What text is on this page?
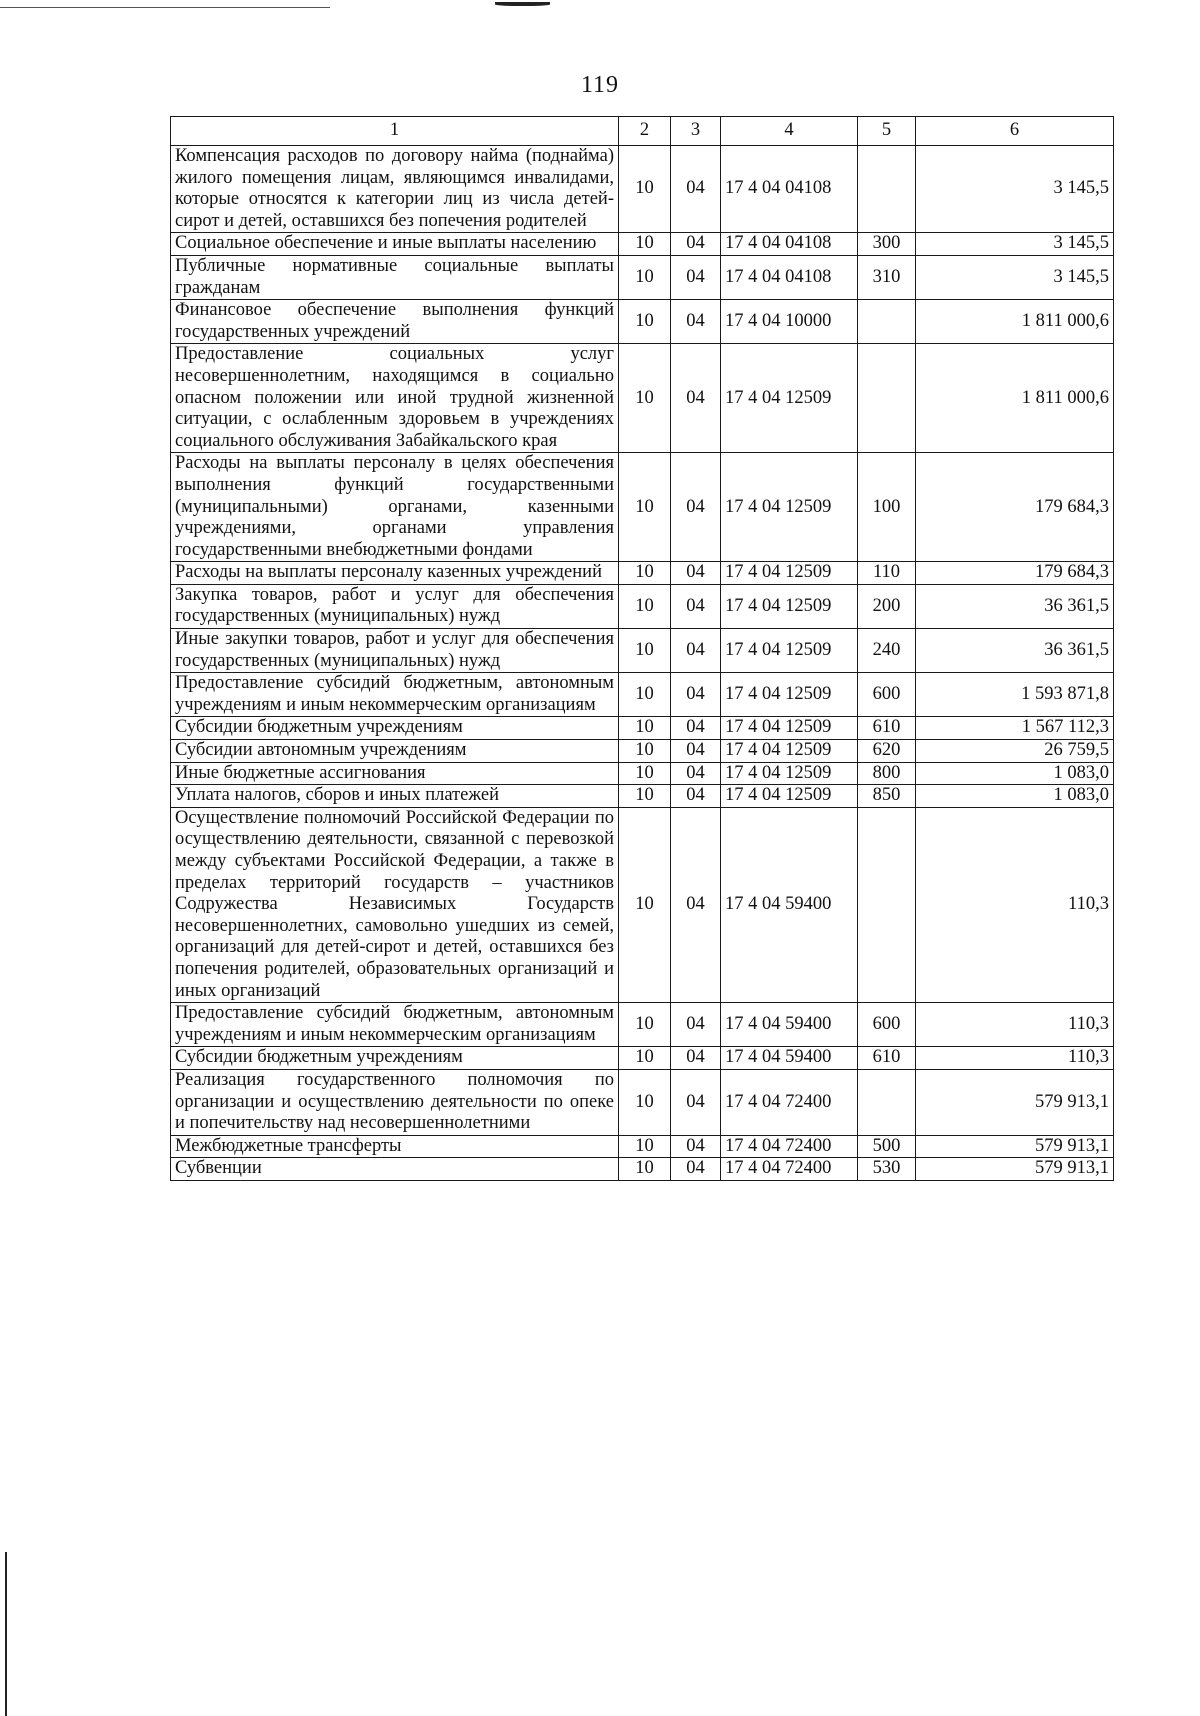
119
1	2	3	4	5	6
Компенсация расходов по договору найма (поднайма) жилого помещения лицам, являющимся инвалидами, которые относятся к категории лиц из числа детей-сирот и детей, оставшихся без попечения родителей	10	04	17 4 04 04108		3 145,5
Социальное обеспечение и иные выплаты населению	10	04	17 4 04 04108	300	3 145,5
Публичные нормативные социальные выплаты гражданам	10	04	17 4 04 04108	310	3 145,5
Финансовое обеспечение выполнения функций государственных учреждений	10	04	17 4 04 10000		1 811 000,6
Предоставление социальных услуг несовершеннолетним, находящимся в социально опасном положении или иной трудной жизненной ситуации, с ослабленным здоровьем в учреждениях социального обслуживания Забайкальского края	10	04	17 4 04 12509		1 811 000,6
Расходы на выплаты персоналу в целях обеспечения выполнения функций государственными (муниципальными) органами, казенными учреждениями, органами управления государственными внебюджетными фондами	10	04	17 4 04 12509	100	179 684,3
Расходы на выплаты персоналу казенных учреждений	10	04	17 4 04 12509	110	179 684,3
Закупка товаров, работ и услуг для обеспечения государственных (муниципальных) нужд	10	04	17 4 04 12509	200	36 361,5
Иные закупки товаров, работ и услуг для обеспечения государственных (муниципальных) нужд	10	04	17 4 04 12509	240	36 361,5
Предоставление субсидий бюджетным, автономным учреждениям и иным некоммерческим организациям	10	04	17 4 04 12509	600	1 593 871,8
Субсидии бюджетным учреждениям	10	04	17 4 04 12509	610	1 567 112,3
Субсидии автономным учреждениям	10	04	17 4 04 12509	620	26 759,5
Иные бюджетные ассигнования	10	04	17 4 04 12509	800	1 083,0
Уплата налогов, сборов и иных платежей	10	04	17 4 04 12509	850	1 083,0
Осуществление полномочий Российской Федерации по осуществлению деятельности, связанной с перевозкой между субъектами Российской Федерации, а также в пределах территорий государств – участников Содружества Независимых Государств несовершеннолетних, самовольно ушедших из семей, организаций для детей-сирот и детей, оставшихся без попечения родителей, образовательных организаций и иных организаций	10	04	17 4 04 59400		110,3
Предоставление субсидий бюджетным, автономным учреждениям и иным некоммерческим организациям	10	04	17 4 04 59400	600	110,3
Субсидии бюджетным учреждениям	10	04	17 4 04 59400	610	110,3
Реализация государственного полномочия по организации и осуществлению деятельности по опеке и попечительству над несовершеннолетними	10	04	17 4 04 72400		579 913,1
Межбюджетные трансферты	10	04	17 4 04 72400	500	579 913,1
Субвенции	10	04	17 4 04 72400	530	579 913,1
